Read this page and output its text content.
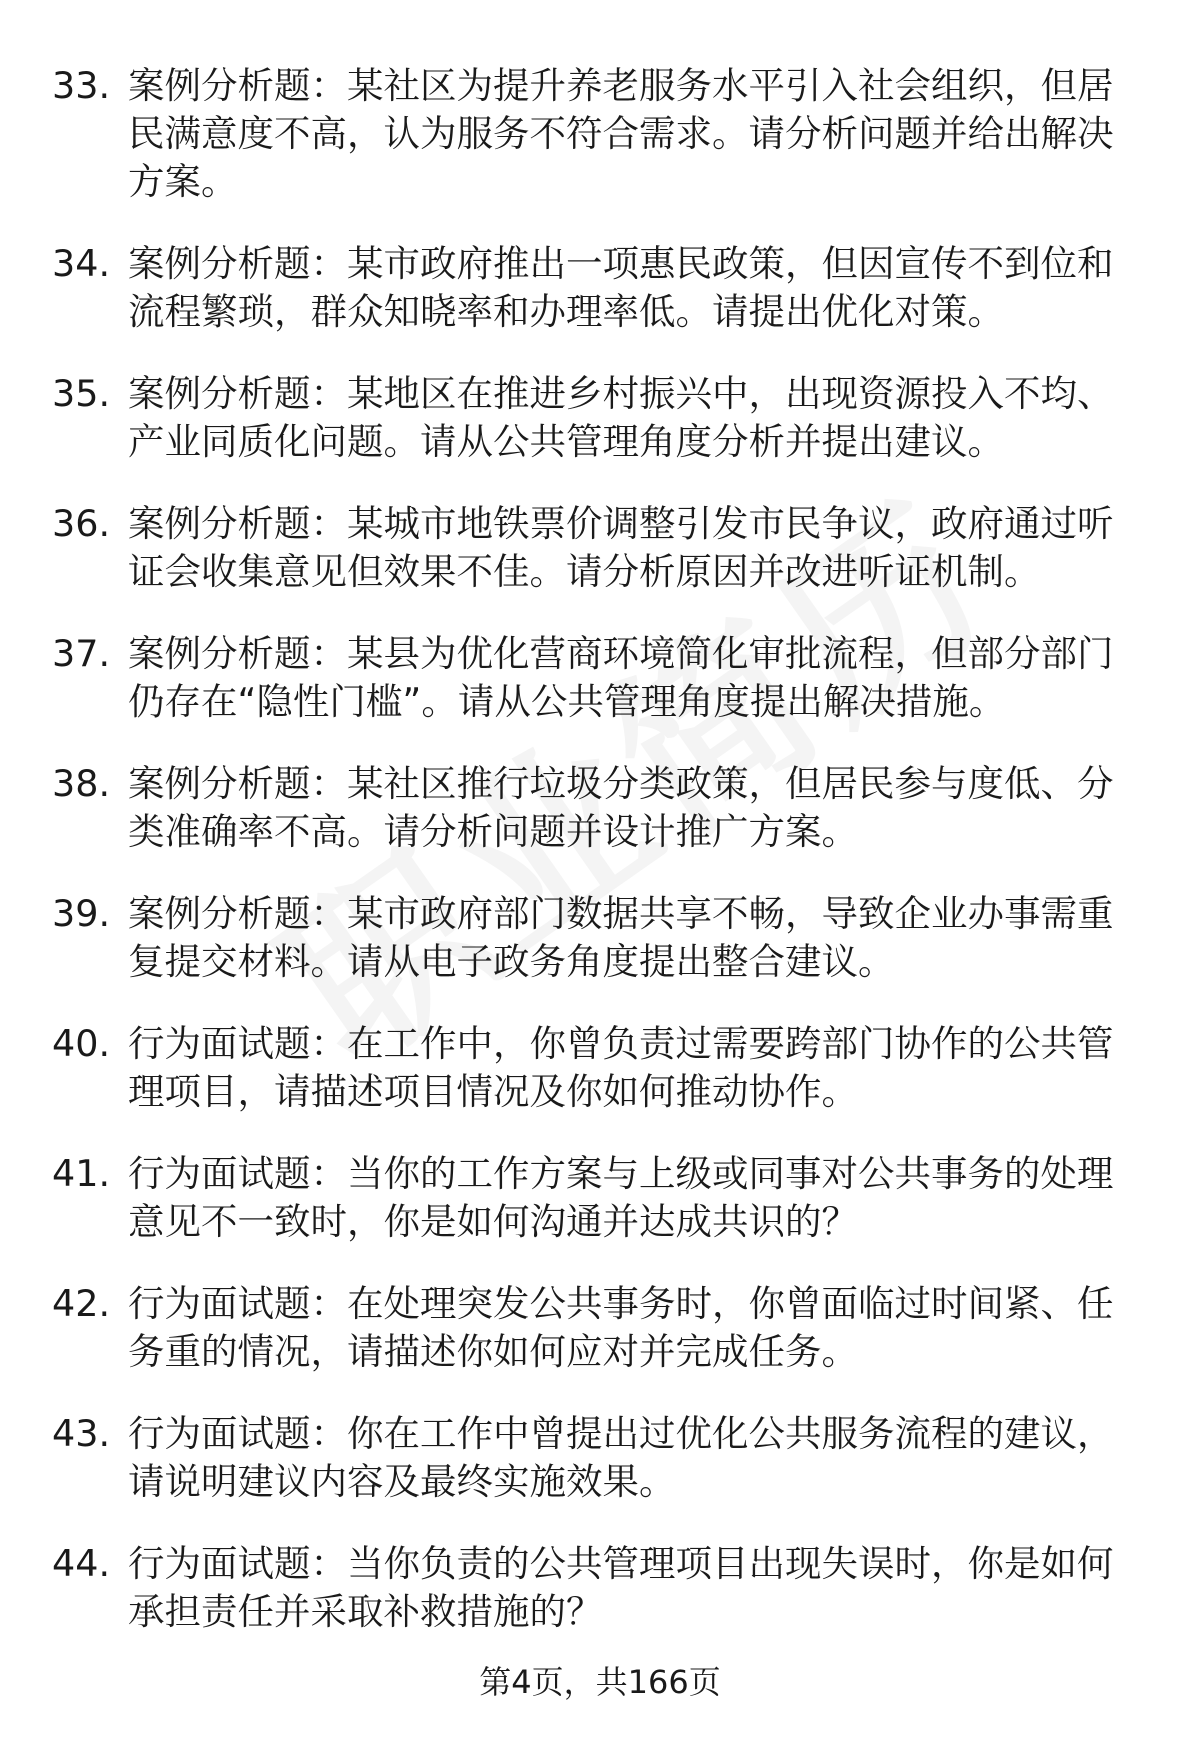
33. 案例分析题：某社区为提升养老服务水平引入社会组织，但居民满意度不高，认为服务不符合需求。请分析问题并给出解决方案。
34. 案例分析题：某市政府推出一项惠民政策，但因宣传不到位和流程繁琐，群众知晓率和办理率低。请提出优化对策。
35. 案例分析题：某地区在推进乡村振兴中，出现资源投入不均、产业同质化问题。请从公共管理角度分析并提出建议。
36. 案例分析题：某城市地铁票价调整引发市民争议，政府通过听证会收集意见但效果不佳。请分析原因并改进听证机制。
37. 案例分析题：某县为优化营商环境简化审批流程，但部分部门仍存在“隐性门槛”。请从公共管理角度提出解决措施。
38. 案例分析题：某社区推行垃圾分类政策，但居民参与度低、分类准确率不高。请分析问题并设计推广方案。
39. 案例分析题：某市政府部门数据共享不畅，导致企业办事需重复提交材料。请从电子政务角度提出整合建议。
40. 行为面试题：在工作中，你曾负责过需要跨部门协作的公共管理项目，请描述项目情况及你如何推动协作。
41. 行为面试题：当你的工作方案与上级或同事对公共事务的处理意见不一致时，你是如何沟通并达成共识的？
42. 行为面试题：在处理突发公共事务时，你曾面临过时间紧、任务重的情况，请描述你如何应对并完成任务。
43. 行为面试题：你在工作中曾提出过优化公共服务流程的建议，请说明建议内容及最终实施效果。
44. 行为面试题：当你负责的公共管理项目出现失误时，你是如何承担责任并采取补救措施的？
第4页，共166页
